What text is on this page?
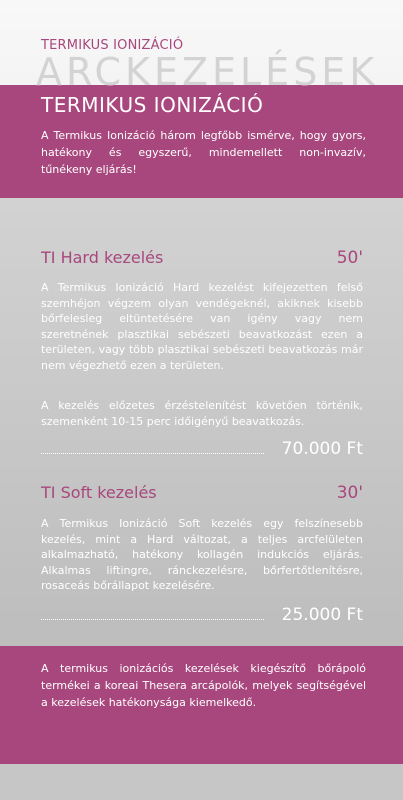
TERMIKUS IONIZÁCIÓ
ARCKEZELÉSEK
TERMIKUS IONIZÁCIÓ
A Termikus Ionizáció három legfőbb ismérve, hogy gyors, hatékony és egyszerű, mindemellett non-invazív, tűnékeny eljárás!
TI Hard kezelés	50'
A Termikus Ionizáció Hard kezelést kifejezetten felső szemhéjon végzem olyan vendégeknél, akiknek kisebb bőrfelesleg eltüntetésére van igény vagy nem szeretnének plasztikai sebészeti beavatkozást ezen a területen, vagy több plasztikai sebészeti beavatkozás már nem végezhető ezen a területen.
A kezelés előzetes érzéstelenítést követően történik, szemenként 10-15 perc időigényű beavatkozás.
70.000 Ft
TI Soft kezelés	30'
A Termikus Ionizáció Soft kezelés egy felszínesebb kezelés, mint a Hard változat, a teljes arcfelületen alkalmazható, hatékony kollagén indukciós eljárás. Alkalmas liftingre, ránckezelésre, bőrfertőtlenítésre, rosaceás bőrállapot kezelésére.
25.000 Ft
A termikus ionizációs kezelések kiegészítő bőrápoló termékei a koreai Thesera arcápolók, melyek segítségével a kezelések hatékonysága kiemelkedő.
